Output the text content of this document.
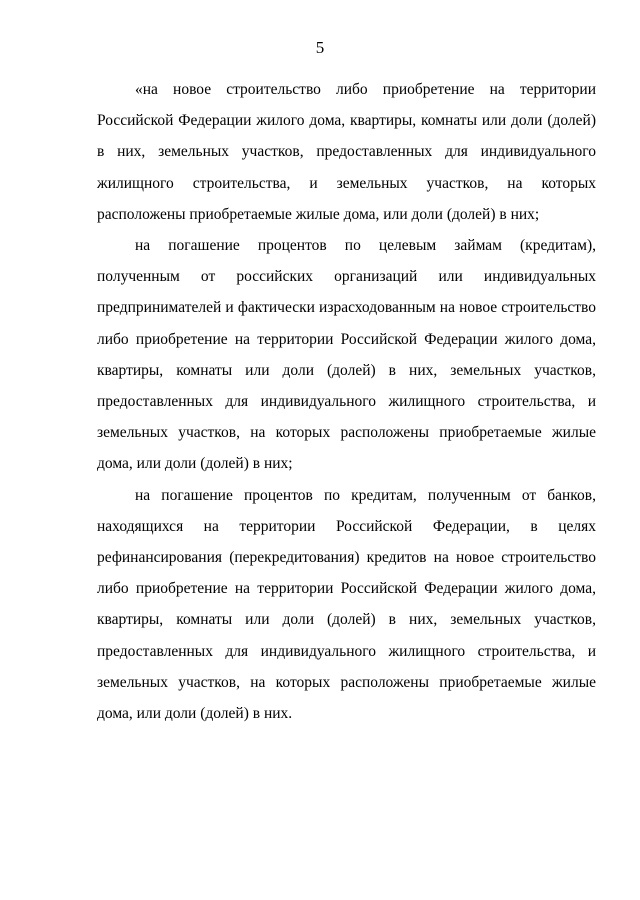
5

«на новое строительство либо приобретение на территории Российской Федерации жилого дома, квартиры, комнаты или доли (долей) в них, земельных участков, предоставленных для индивидуального жилищного строительства, и земельных участков, на которых расположены приобретаемые жилые дома, или доли (долей) в них;

на погашение процентов по целевым займам (кредитам), полученным от российских организаций или индивидуальных предпринимателей и фактически израсходованным на новое строительство либо приобретение на территории Российской Федерации жилого дома, квартиры, комнаты или доли (долей) в них, земельных участков, предоставленных для индивидуального жилищного строительства, и земельных участков, на которых расположены приобретаемые жилые дома, или доли (долей) в них;

на погашение процентов по кредитам, полученным от банков, находящихся на территории Российской Федерации, в целях рефинансирования (перекредитования) кредитов на новое строительство либо приобретение на территории Российской Федерации жилого дома, квартиры, комнаты или доли (долей) в них, земельных участков, предоставленных для индивидуального жилищного строительства, и земельных участков, на которых расположены приобретаемые жилые дома, или доли (долей) в них.
